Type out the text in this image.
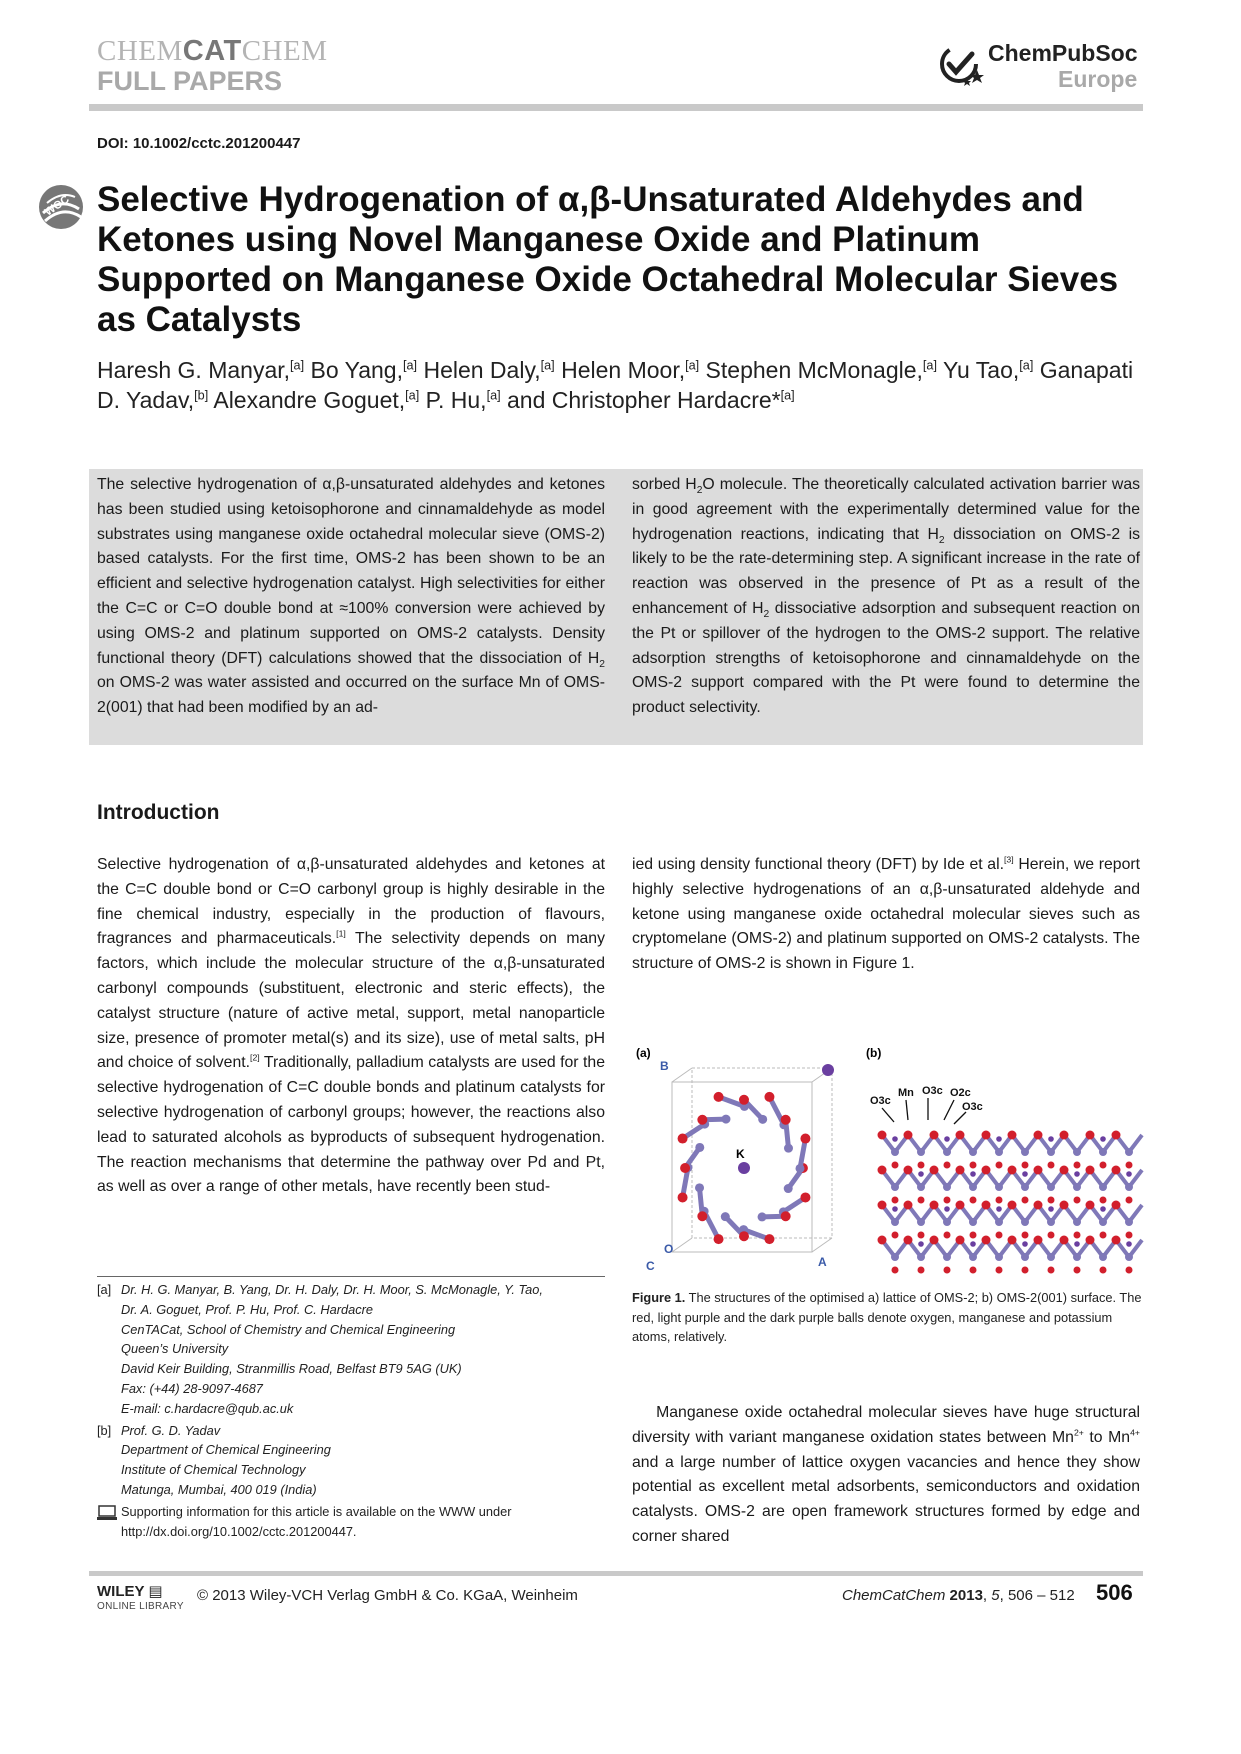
CHEMCATCHEM
FULL PAPERS
ChemPubSoc
Europe
DOI: 10.1002/cctc.201200447
WOC Selective Hydrogenation of α,β-Unsaturated Aldehydes and Ketones using Novel Manganese Oxide and Platinum Supported on Manganese Oxide Octahedral Molecular Sieves as Catalysts
Haresh G. Manyar,[a] Bo Yang,[a] Helen Daly,[a] Helen Moor,[a] Stephen McMonagle,[a] Yu Tao,[a] Ganapati D. Yadav,[b] Alexandre Goguet,[a] P. Hu,[a] and Christopher Hardacre*[a]
The selective hydrogenation of α,β-unsaturated aldehydes and ketones has been studied using ketoisophorone and cinnamaldehyde as model substrates using manganese oxide octahedral molecular sieve (OMS-2) based catalysts. For the first time, OMS-2 has been shown to be an efficient and selective hydrogenation catalyst. High selectivities for either the C=C or C=O double bond at ≈100% conversion were achieved by using OMS-2 and platinum supported on OMS-2 catalysts. Density functional theory (DFT) calculations showed that the dissociation of $H_2$ on OMS-2 was water assisted and occurred on the surface Mn of OMS-2(001) that had been modified by an ad-
sorbed $H_2O$ molecule. The theoretically calculated activation barrier was in good agreement with the experimentally determined value for the hydrogenation reactions, indicating that $H_2$ dissociation on OMS-2 is likely to be the rate-determining step. A significant increase in the rate of reaction was observed in the presence of Pt as a result of the enhancement of $H_2$ dissociative adsorption and subsequent reaction on the Pt or spillover of the hydrogen to the OMS-2 support. The relative adsorption strengths of ketoisophorone and cinnamaldehyde on the OMS-2 support compared with the Pt were found to determine the product selectivity.
Introduction
Selective hydrogenation of α,β-unsaturated aldehydes and ketones at the C=C double bond or C=O carbonyl group is highly desirable in the fine chemical industry, especially in the production of flavours, fragrances and pharmaceuticals.[1] The selectivity depends on many factors, which include the molecular structure of the α,β-unsaturated carbonyl compounds (substituent, electronic and steric effects), the catalyst structure (nature of active metal, support, metal nanoparticle size, presence of promoter metal(s) and its size), use of metal salts, pH and choice of solvent.[2] Traditionally, palladium catalysts are used for the selective hydrogenation of C=C double bonds and platinum catalysts for selective hydrogenation of carbonyl groups; however, the reactions also lead to saturated alcohols as byproducts of subsequent hydrogenation. The reaction mechanisms that determine the pathway over Pd and Pt, as well as over a range of other metals, have recently been stud-
ied using density functional theory (DFT) by Ide et al.[3] Herein, we report highly selective hydrogenations of an α,β-unsaturated aldehyde and ketone using manganese oxide octahedral molecular sieves such as cryptomelane (OMS-2) and platinum supported on OMS-2 catalysts. The structure of OMS-2 is shown in Figure 1.
(a)	(b)
K
B
O
C	A
O3c
Mn O3c O2c
O3c
Figure 1. The structures of the optimised a) lattice of OMS-2; b) OMS-2(001) surface. The red, light purple and the dark purple balls denote oxygen, manganese and potassium atoms, relatively.
Manganese oxide octahedral molecular sieves have huge structural diversity with variant manganese oxidation states between $Mn^{2+}$ to $Mn^{4+}$ and a large number of lattice oxygen vacancies and hence they show potential as excellent metal adsorbents, semiconductors and oxidation catalysts. OMS-2 are open framework structures formed by edge and corner shared
[a] Dr. H. G. Manyar, B. Yang, Dr. H. Daly, Dr. H. Moor, S. McMonagle, Y. Tao,
Dr. A. Goguet, Prof. P. Hu, Prof. C. Hardacre
CenTACat, School of Chemistry and Chemical Engineering
Queen’s University
David Keir Building, Stranmillis Road, Belfast BT9 5AG (UK)
Fax: (+44) 28-9097-4687
E-mail: c.hardacre@qub.ac.uk
[b] Prof. G. D. Yadav
Department of Chemical Engineering
Institute of Chemical Technology
Matunga, Mumbai, 400 019 (India)
Supporting information for this article is available on the WWW under
http://dx.doi.org/10.1002/cctc.201200447.
WILEY ▤
ONLINE LIBRARY
© 2013 Wiley-VCH Verlag GmbH & Co. KGaA, Weinheim	ChemCatChem 2013, 5, 506 – 512 506
